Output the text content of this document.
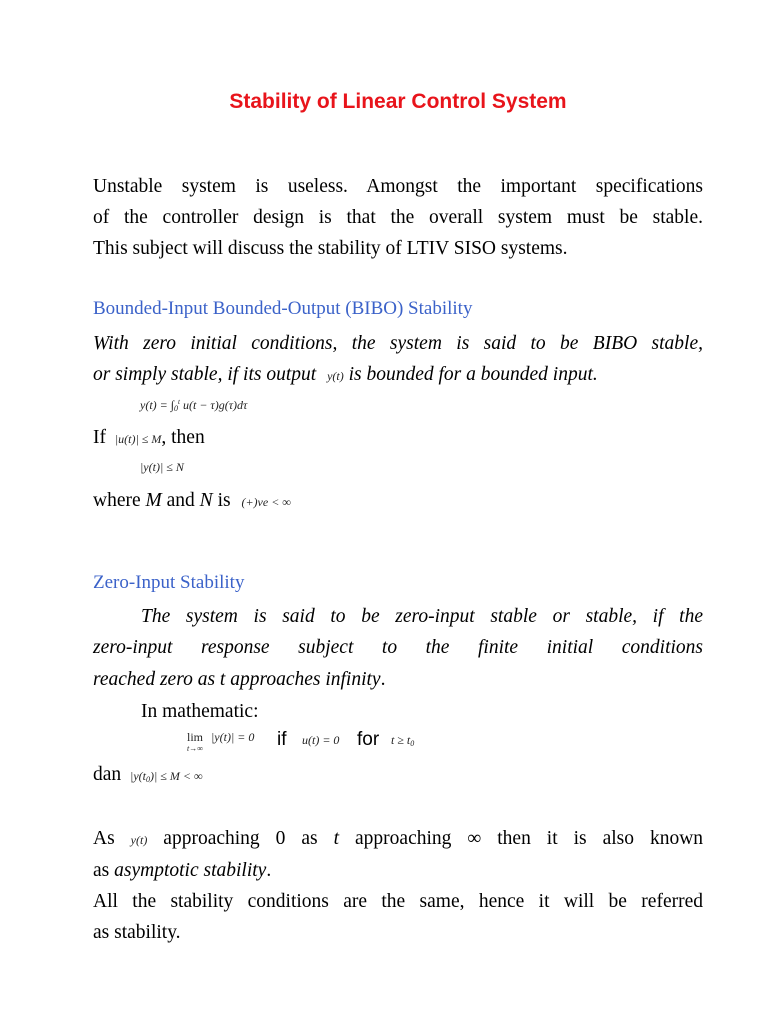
Stability of Linear Control System
Unstable system is useless. Amongst the important specifications
of the controller design is that the overall system must be stable.
This subject will discuss the stability of LTIV SISO systems.
Bounded-Input Bounded-Output (BIBO) Stability
With zero initial conditions, the system is said to be BIBO stable,
or simply stable, if its output y(t) is bounded for a bounded input.
$y(t) = \int_0^t$ u(t − τ)g(τ)dτ
If |u(t)| ≤ M, then
|y(t)| ≤ N
where M and N is (+)ve < ∞
Zero-Input Stability
The system is said to be zero-input stable or stable, if the
zero-input response subject to the finite initial conditions
reached zero as t approaches infinity.
In mathematic:
lim
t→∞
|y(t)| = 0 if u(t) = 0 for $t \ge t_0$
dan $|y(t_0)| \le M$ < ∞
As y(t) approaching 0 as t approaching ∞ then it is also known
as asymptotic stability.
All the stability conditions are the same, hence it will be referred
as stability.
